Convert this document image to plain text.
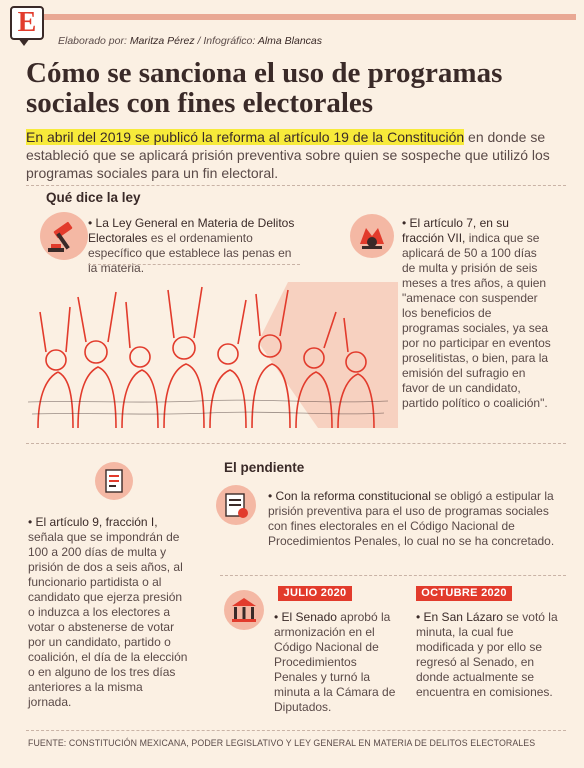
E
Elaborado por: Maritza Pérez / Infográfico: Alma Blancas
Cómo se sanciona el uso de programas
sociales con fines electorales

En abril del 2019 se publicó la reforma al artículo 19 de la Constitución en donde se estableció que se aplicará prisión preventiva sobre quien se sospeche que utilizó los programas sociales para un fin electoral.

Qué dice la ley
• La Ley General en Materia de Delitos Electorales es el ordenamiento específico que establece las penas en la materia.
• El artículo 7, en su fracción VII, indica que se aplicará de 50 a 100 días de multa y prisión de seis meses a tres años, a quien "amenace con suspender los beneficios de programas sociales, ya sea por no participar en eventos proselitistas, o bien, para la emisión del sufragio en favor de un candidato, partido político o coalición".
• El artículo 9, fracción I, señala que se impondrán de 100 a 200 días de multa y prisión de dos a seis años, al funcionario partidista o al candidato que ejerza presión o induzca a los electores a votar o abstenerse de votar por un candidato, partido o coalición, el día de la elección o en alguno de los tres días anteriores a la misma jornada.
El pendiente
• Con la reforma constitucional se obligó a estipular la prisión preventiva para el uso de programas sociales con fines electorales en el Código Nacional de Procedimientos Penales, lo cual no se ha concretado.
JULIO 2020
• El Senado aprobó la armonización en el Código Nacional de Procedimientos Penales y turnó la minuta a la Cámara de Diputados.
OCTUBRE 2020
• En San Lázaro se votó la minuta, la cual fue modificada y por ello se regresó al Senado, en donde actualmente se encuentra en comisiones.
FUENTE: CONSTITUCIÓN MEXICANA, PODER LEGISLATIVO Y LEY GENERAL EN MATERIA DE DELITOS ELECTORALES
